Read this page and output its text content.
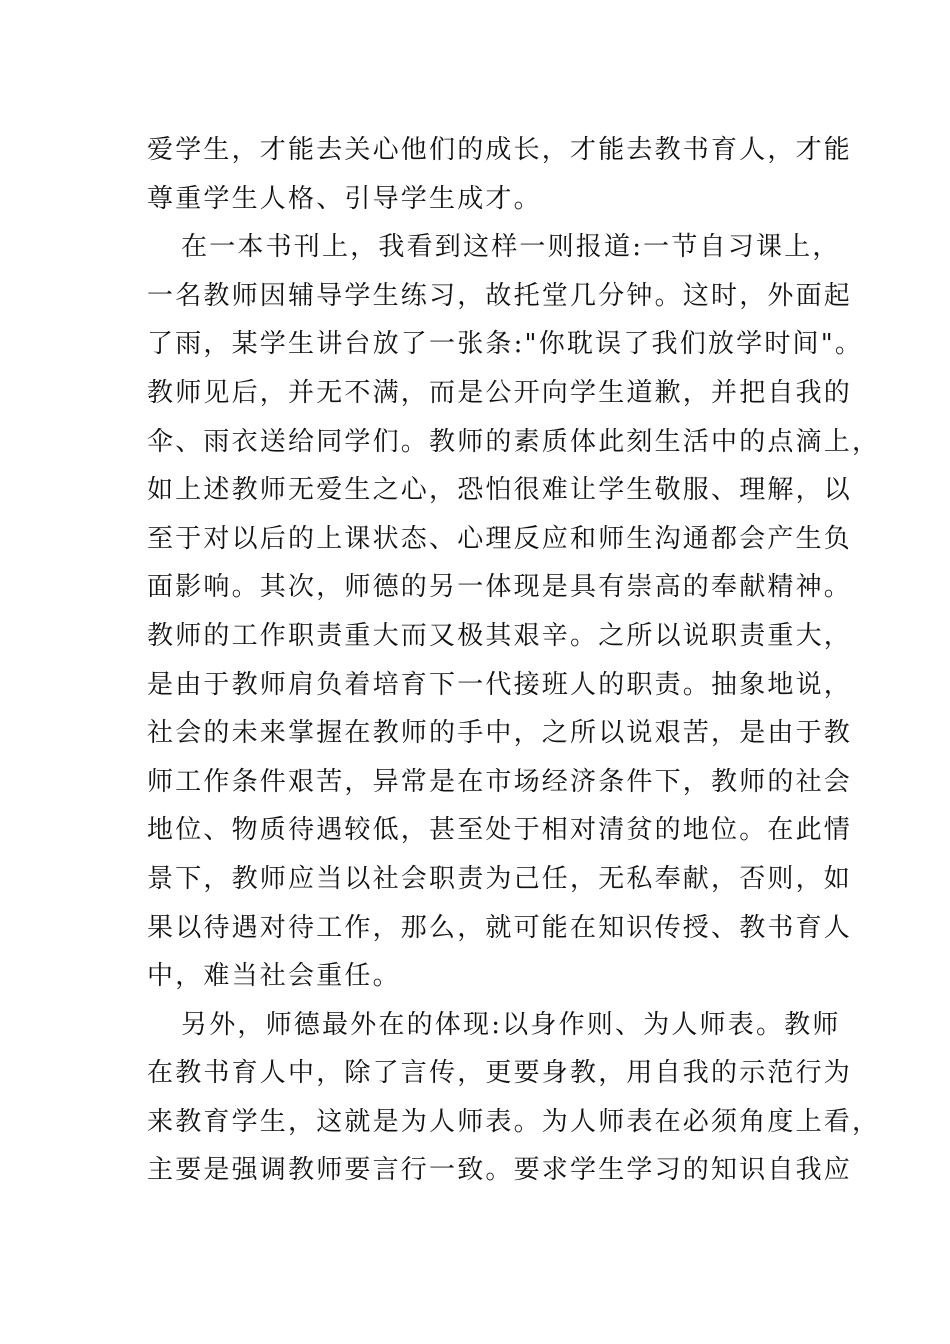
爱学生，才能去关心他们的成长，才能去教书育人，才能
尊重学生人格、引导学生成才。
在一本书刊上，我看到这样一则报道:一节自习课上，
一名教师因辅导学生练习，故托堂几分钟。这时，外面起
了雨，某学生讲台放了一张条:"你耽误了我们放学时间"。
教师见后，并无不满，而是公开向学生道歉，并把自我的
伞、雨衣送给同学们。教师的素质体此刻生活中的点滴上，
如上述教师无爱生之心，恐怕很难让学生敬服、理解，以
至于对以后的上课状态、心理反应和师生沟通都会产生负
面影响。其次，师德的另一体现是具有崇高的奉献精神。
教师的工作职责重大而又极其艰辛。之所以说职责重大，
是由于教师肩负着培育下一代接班人的职责。抽象地说，
社会的未来掌握在教师的手中，之所以说艰苦，是由于教
师工作条件艰苦，异常是在市场经济条件下，教师的社会
地位、物质待遇较低，甚至处于相对清贫的地位。在此情
景下，教师应当以社会职责为己任，无私奉献，否则，如
果以待遇对待工作，那么，就可能在知识传授、教书育人
中，难当社会重任。
另外，师德最外在的体现:以身作则、为人师表。教师
在教书育人中，除了言传，更要身教，用自我的示范行为
来教育学生，这就是为人师表。为人师表在必须角度上看，
主要是强调教师要言行一致。要求学生学习的知识自我应
